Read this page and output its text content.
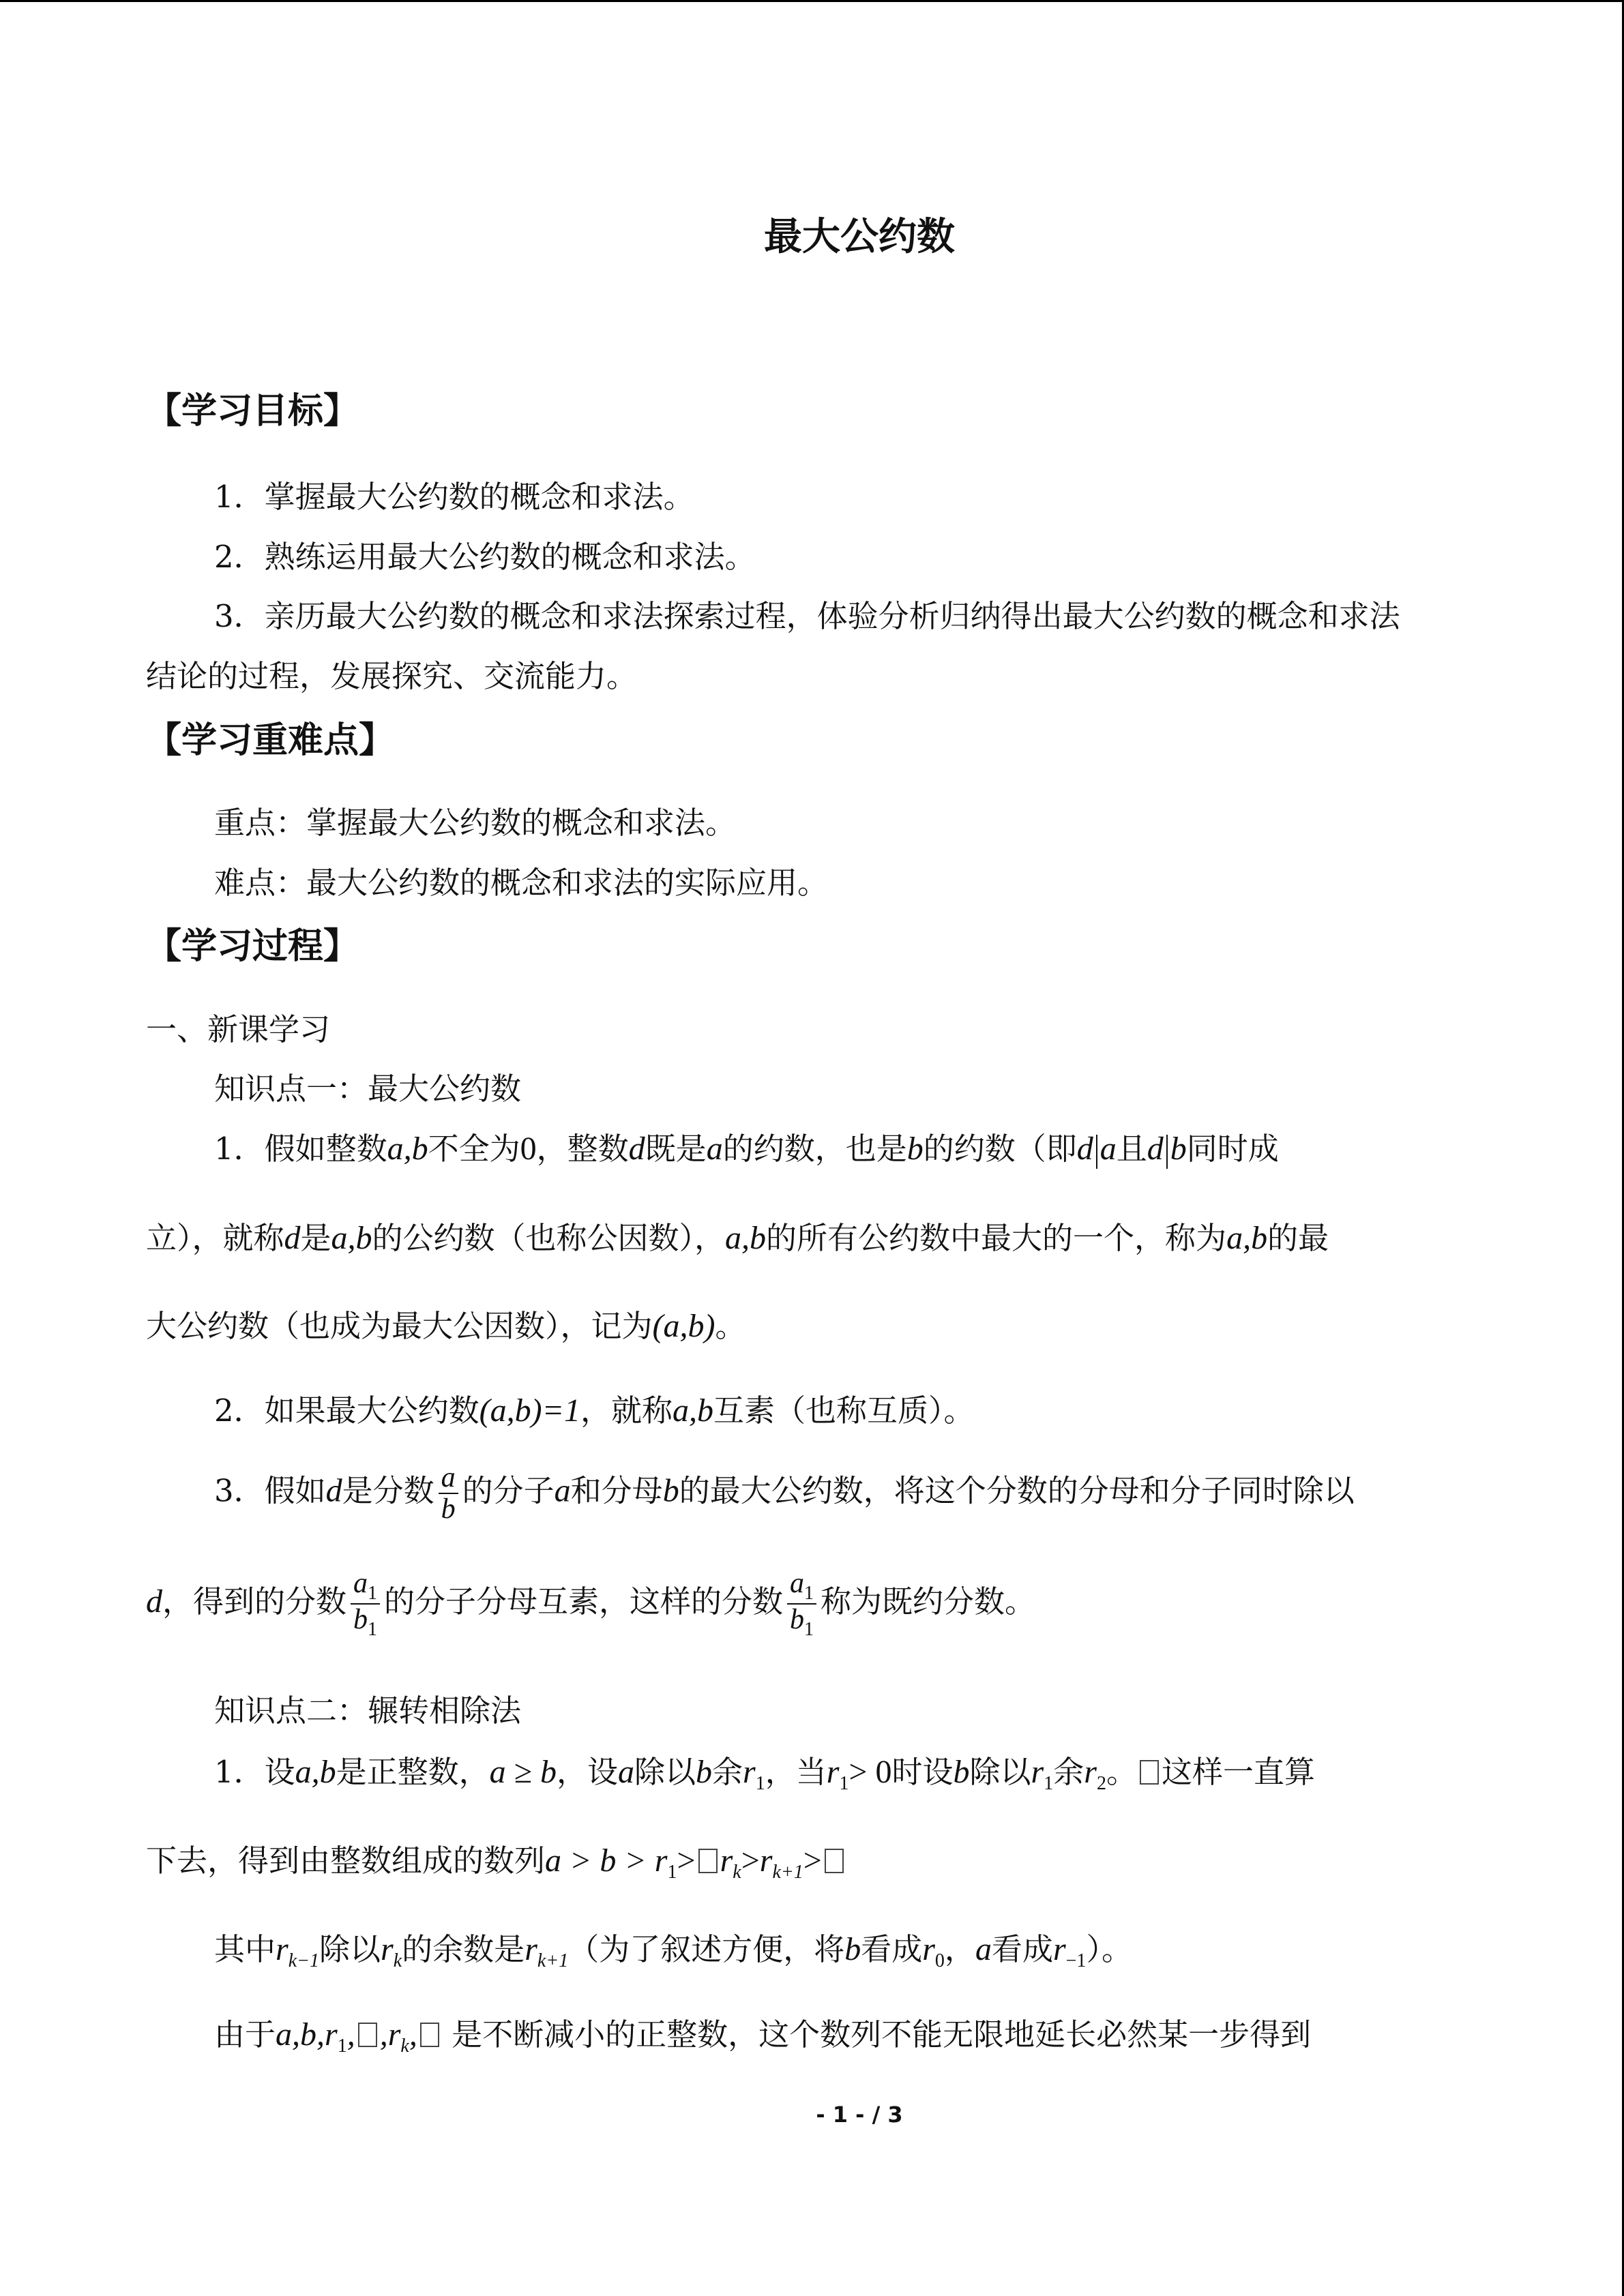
最大公约数
【学习目标】
1．掌握最大公约数的概念和求法。
2．熟练运用最大公约数的概念和求法。
3．亲历最大公约数的概念和求法探索过程，体验分析归纳得出最大公约数的概念和求法
结论的过程，发展探究、交流能力。
【学习重难点】
重点：掌握最大公约数的概念和求法。
难点：最大公约数的概念和求法的实际应用。
【学习过程】
一、新课学习
知识点一：最大公约数
1．假如整数a,b不全为0，整数d既是a的约数，也是b的约数（即d a且d b同时成
立），就称d是a,b的公约数（也称公因数），a,b的所有公约数中最大的一个，称为a,b的最
大公约数（也成为最大公因数），记为(a,b)。
2．如果最大公约数(a,b)=1，就称a,b互素（也称互质）。
3．假如d是分数 $\frac{a}{b}$ 的分子a和分母b的最大公约数，将这个分数的分母和分子同时除以
d，得到的分数 $\frac{a_1}{b_1}$ 的分子分母互素，这样的分数 $\frac{a_1}{b_1}$ 称为既约分数。
知识点二：辗转相除法
1．设a,b是正整数，a ≥ b，设a除以b余$r_1$，当$r_1> 0$时设b除以$r_1$余$r_2$。 这样一直算
下去，得到由整数组成的数列$a > b > r_1> r_k>r_{k+1}>$
其中$r_{k-1}$除以$r_k$的余数是$r_{k+1}$（为了叙述方便，将b看成$r_0$，a看成$r_{-1}$）。
由于$a,b,r_1$, $,r_k$, 是不断减小的正整数，这个数列不能无限地延长必然某一步得到
- 1 - / 3
